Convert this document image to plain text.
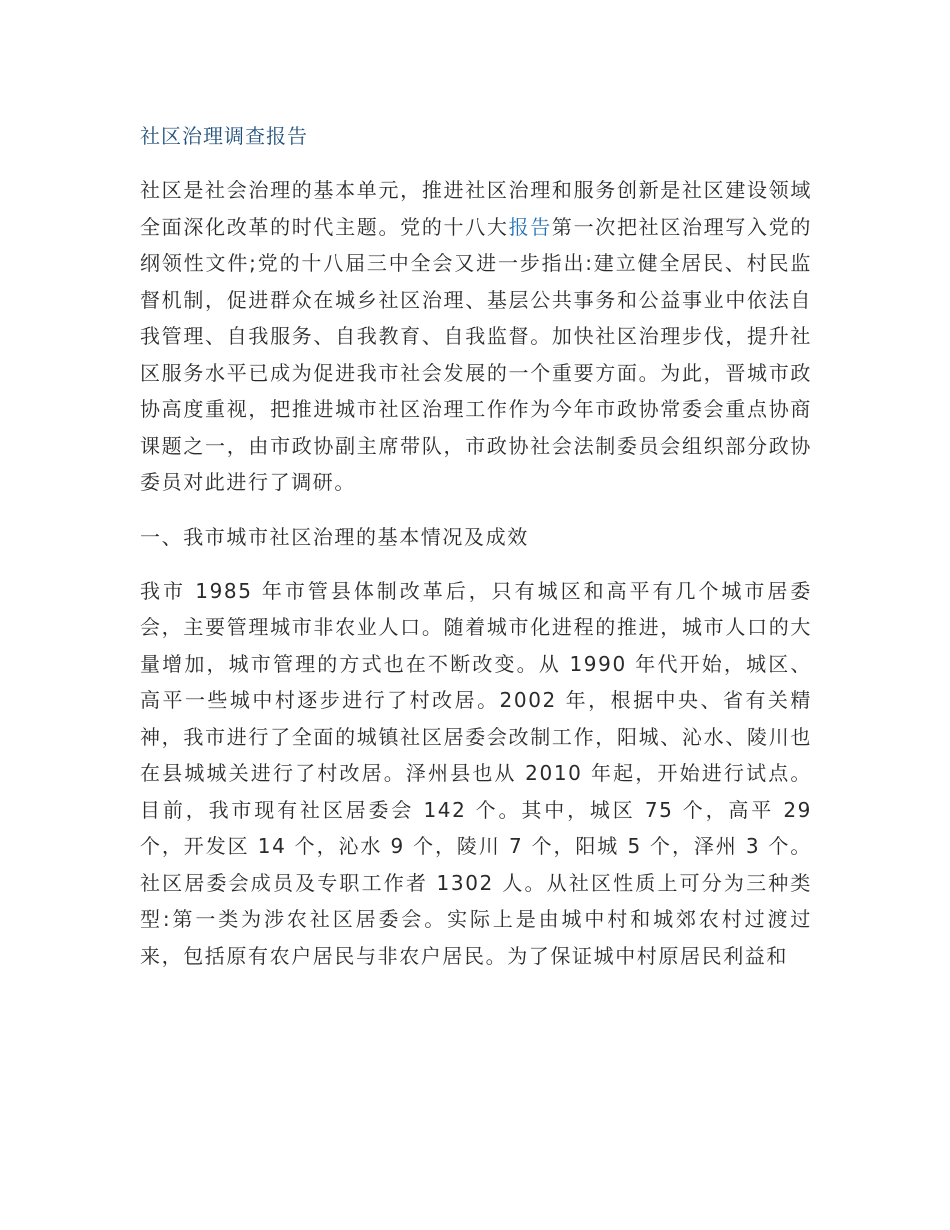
社区治理调查报告

社区是社会治理的基本单元，推进社区治理和服务创新是社区建设领域全面深化改革的时代主题。党的十八大报告第一次把社区治理写入党的纲领性文件;党的十八届三中全会又进一步指出:建立健全居民、村民监督机制，促进群众在城乡社区治理、基层公共事务和公益事业中依法自我管理、自我服务、自我教育、自我监督。加快社区治理步伐，提升社区服务水平已成为促进我市社会发展的一个重要方面。为此，晋城市政协高度重视，把推进城市社区治理工作作为今年市政协常委会重点协商课题之一，由市政协副主席带队，市政协社会法制委员会组织部分政协委员对此进行了调研。

一、我市城市社区治理的基本情况及成效

我市 1985 年市管县体制改革后，只有城区和高平有几个城市居委会，主要管理城市非农业人口。随着城市化进程的推进，城市人口的大量增加，城市管理的方式也在不断改变。从 1990 年代开始，城区、高平一些城中村逐步进行了村改居。2002 年，根据中央、省有关精神，我市进行了全面的城镇社区居委会改制工作，阳城、沁水、陵川也在县城城关进行了村改居。泽州县也从 2010 年起，开始进行试点。目前，我市现有社区居委会 142 个。其中，城区 75 个，高平 29 个，开发区 14 个，沁水 9 个，陵川 7 个，阳城 5 个，泽州 3 个。社区居委会成员及专职工作者 1302 人。从社区性质上可分为三种类型:第一类为涉农社区居委会。实际上是由城中村和城郊农村过渡过来，包括原有农户居民与非农户居民。为了保证城中村原居民利益和
